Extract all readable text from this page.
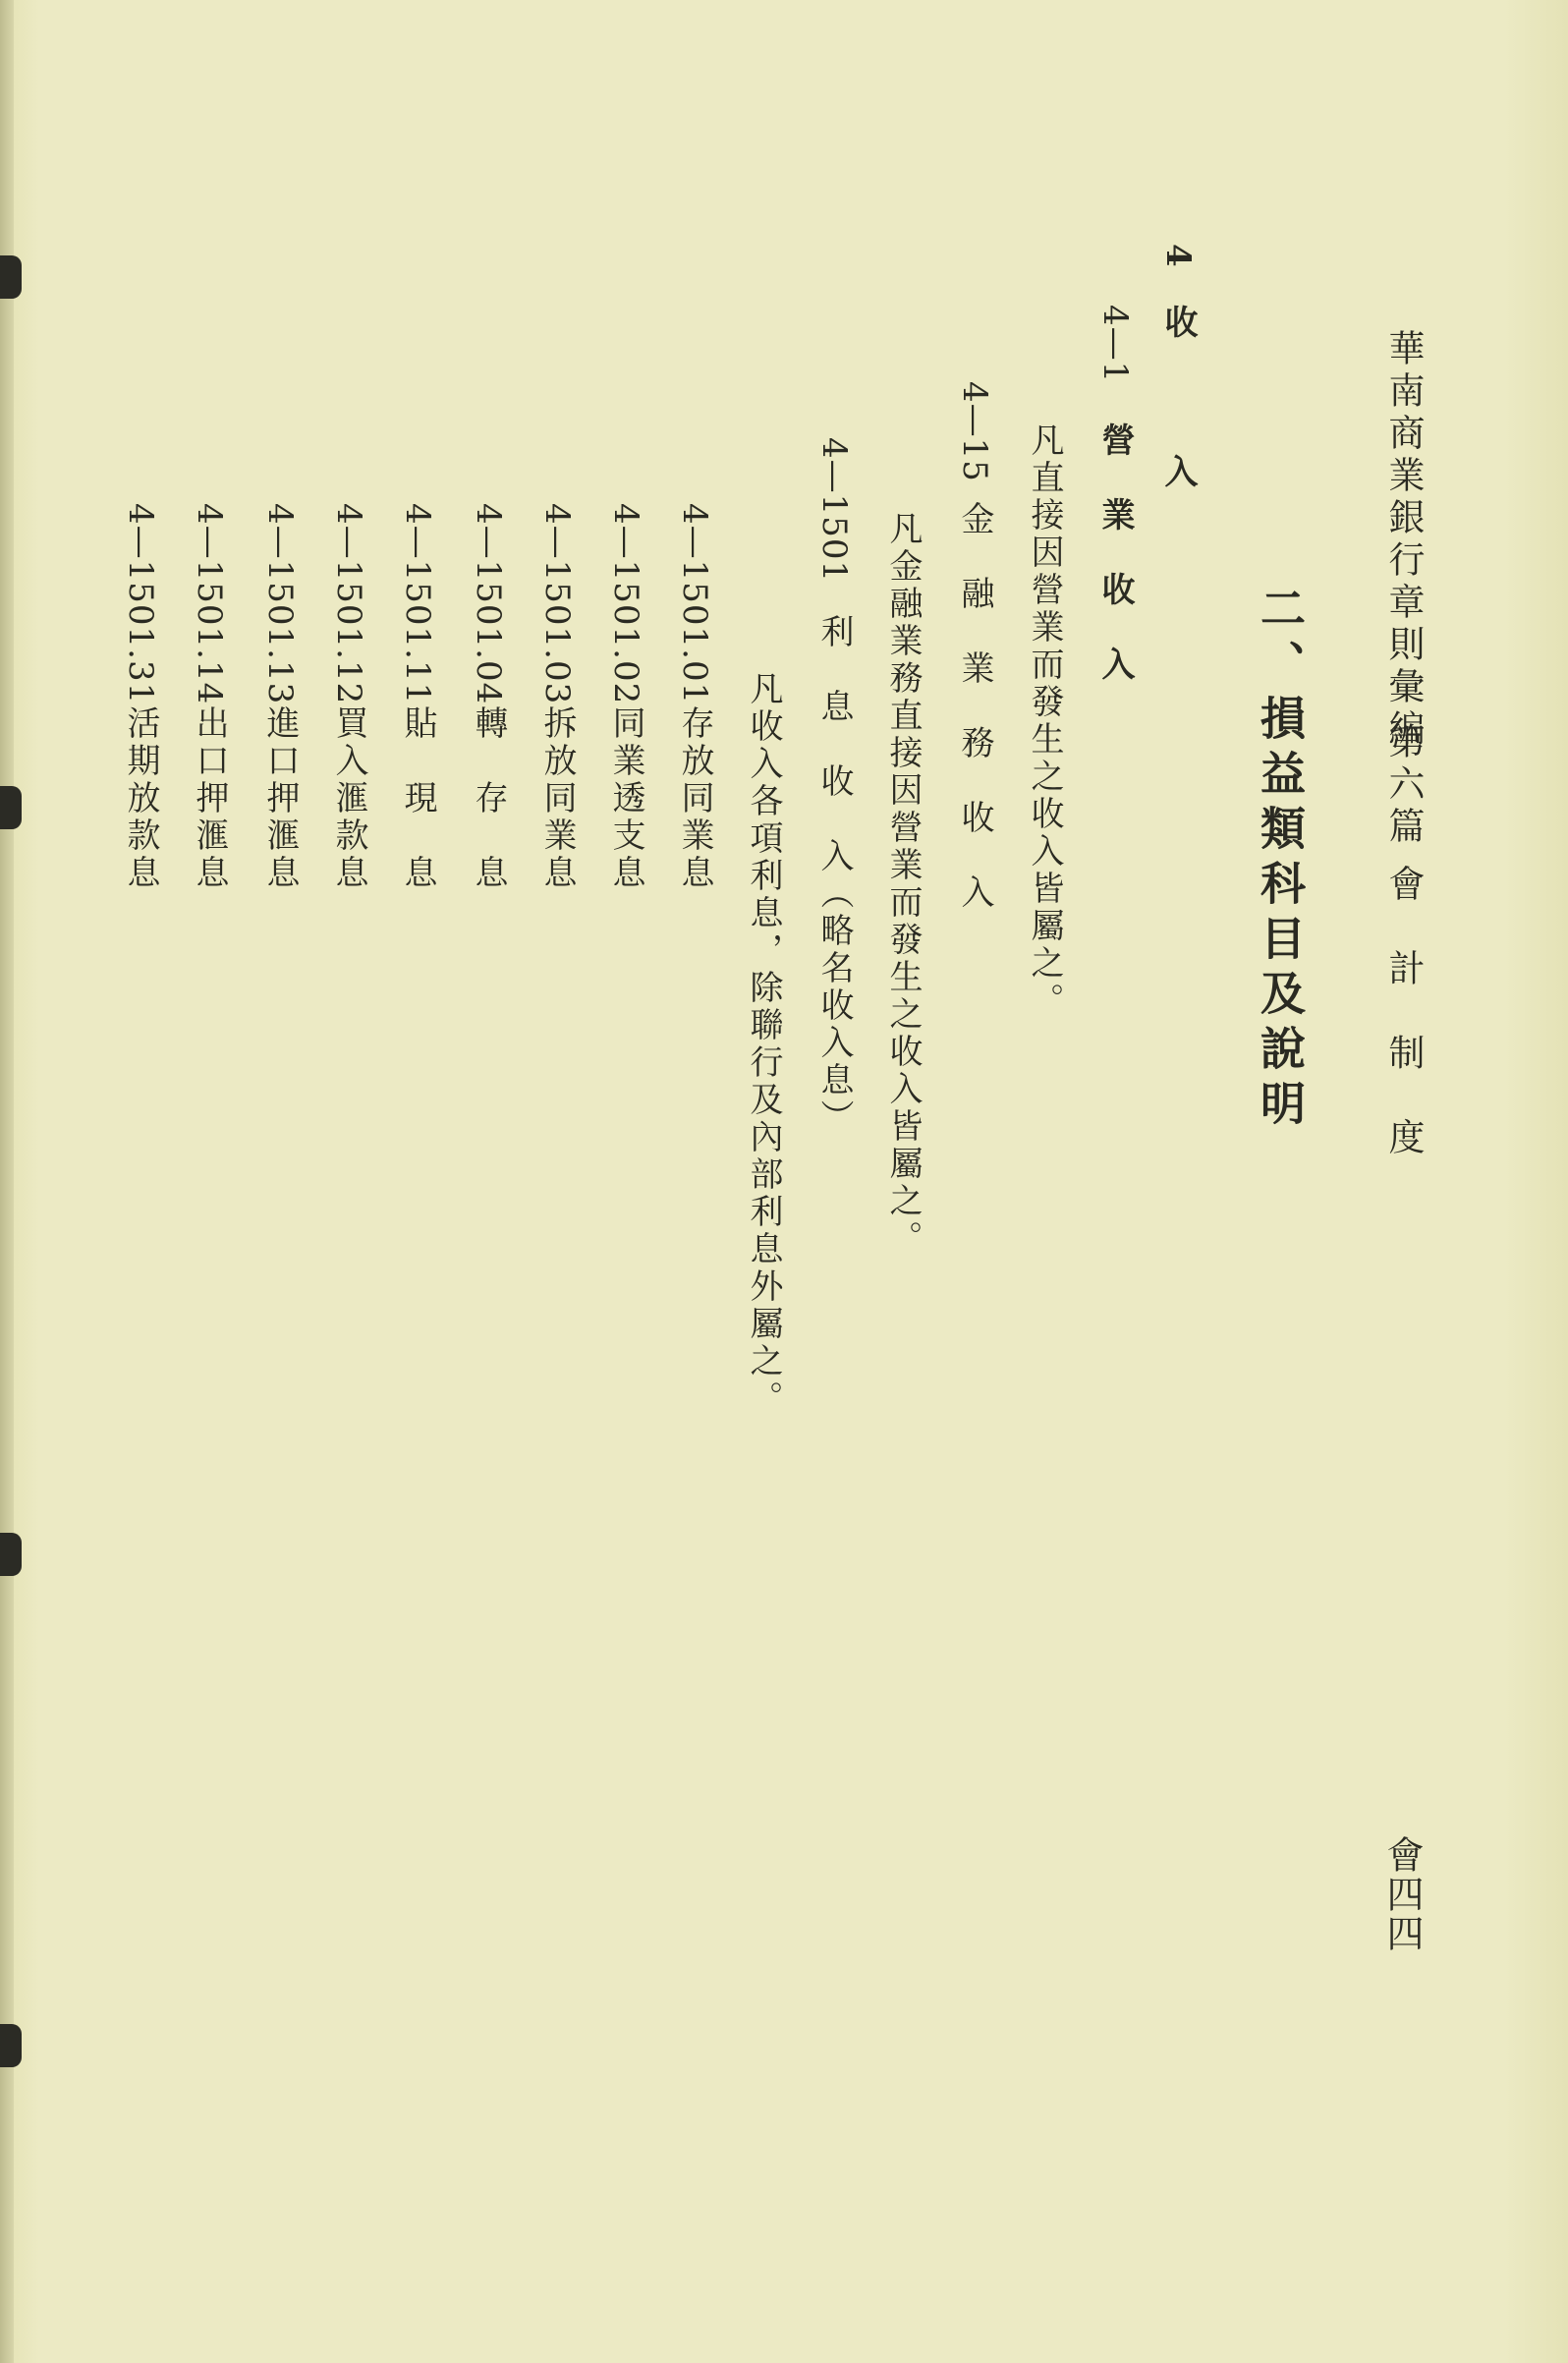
華南商業銀行章則彙編
第六篇
會　計　制　度
會四四
二、損益類科目及說明
4
收　　　入
4—1
營　業　收　入
凡直接因營業而發生之收入皆屬之。
4—15
金　融　業　務　收　入
凡金融業務直接因營業而發生之收入皆屬之。
4—1501
利　息　收　入（略名收入息）
凡收入各項利息，除聯行及內部利息外屬之。
4—1501.01
存放同業息
4—1501.02
同業透支息
4—1501.03
拆放同業息
4—1501.04
轉　存　息
4—1501.11
貼　現　息
4—1501.12
買入滙款息
4—1501.13
進口押滙息
4—1501.14
出口押滙息
4—1501.31
活期放款息
